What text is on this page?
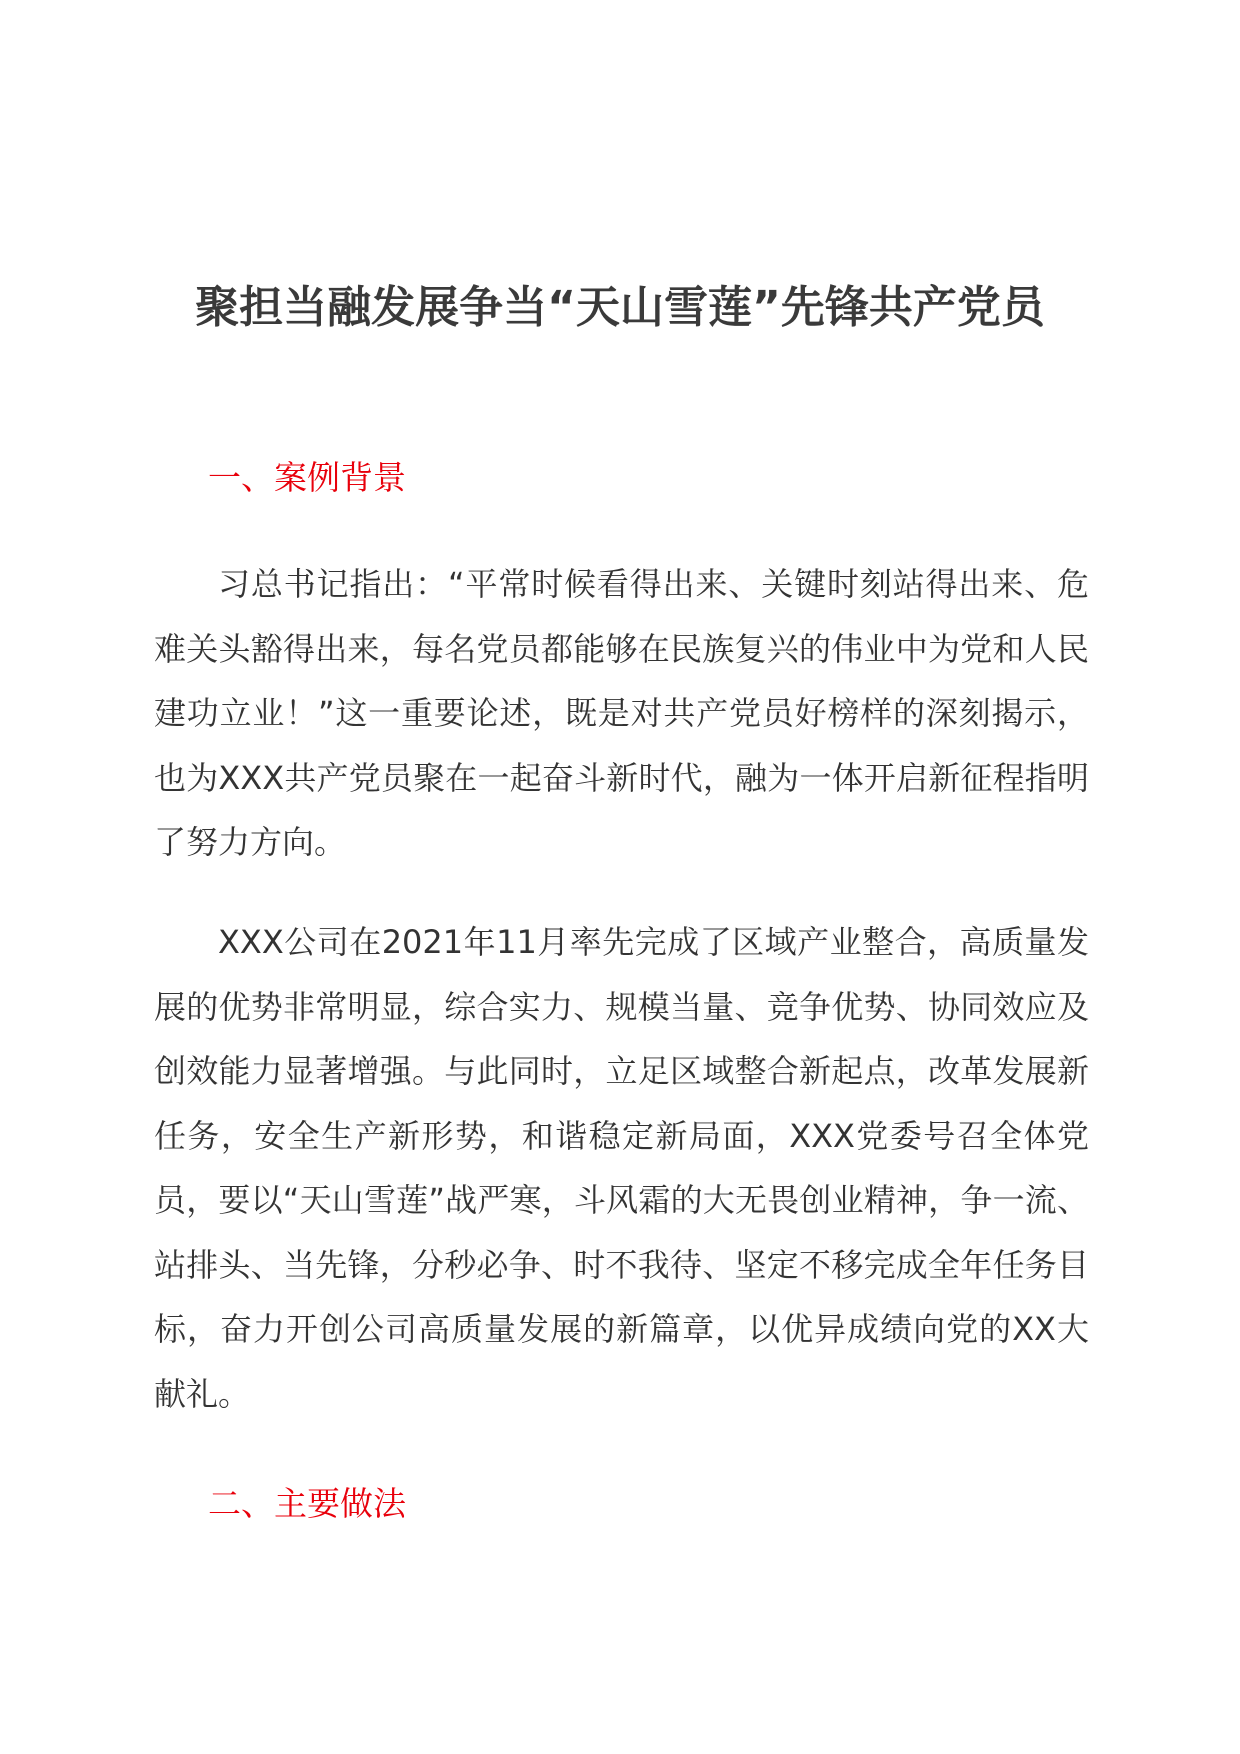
聚担当融发展争当“天山雪莲”先锋共产党员
一、案例背景

习总书记指出：“平常时候看得出来、关键时刻站得出来、危难关头豁得出来，每名党员都能够在民族复兴的伟业中为党和人民建功立业！”这一重要论述，既是对共产党员好榜样的深刻揭示，也为XXX共产党员聚在一起奋斗新时代，融为一体开启新征程指明了努力方向。

XXX公司在2021年11月率先完成了区域产业整合，高质量发展的优势非常明显，综合实力、规模当量、竞争优势、协同效应及创效能力显著增强。与此同时，立足区域整合新起点，改革发展新任务，安全生产新形势，和谐稳定新局面，XXX党委号召全体党员，要以“天山雪莲”战严寒，斗风霜的大无畏创业精神，争一流、站排头、当先锋，分秒必争、时不我待、坚定不移完成全年任务目标，奋力开创公司高质量发展的新篇章，以优异成绩向党的XX大献礼。

二、主要做法
